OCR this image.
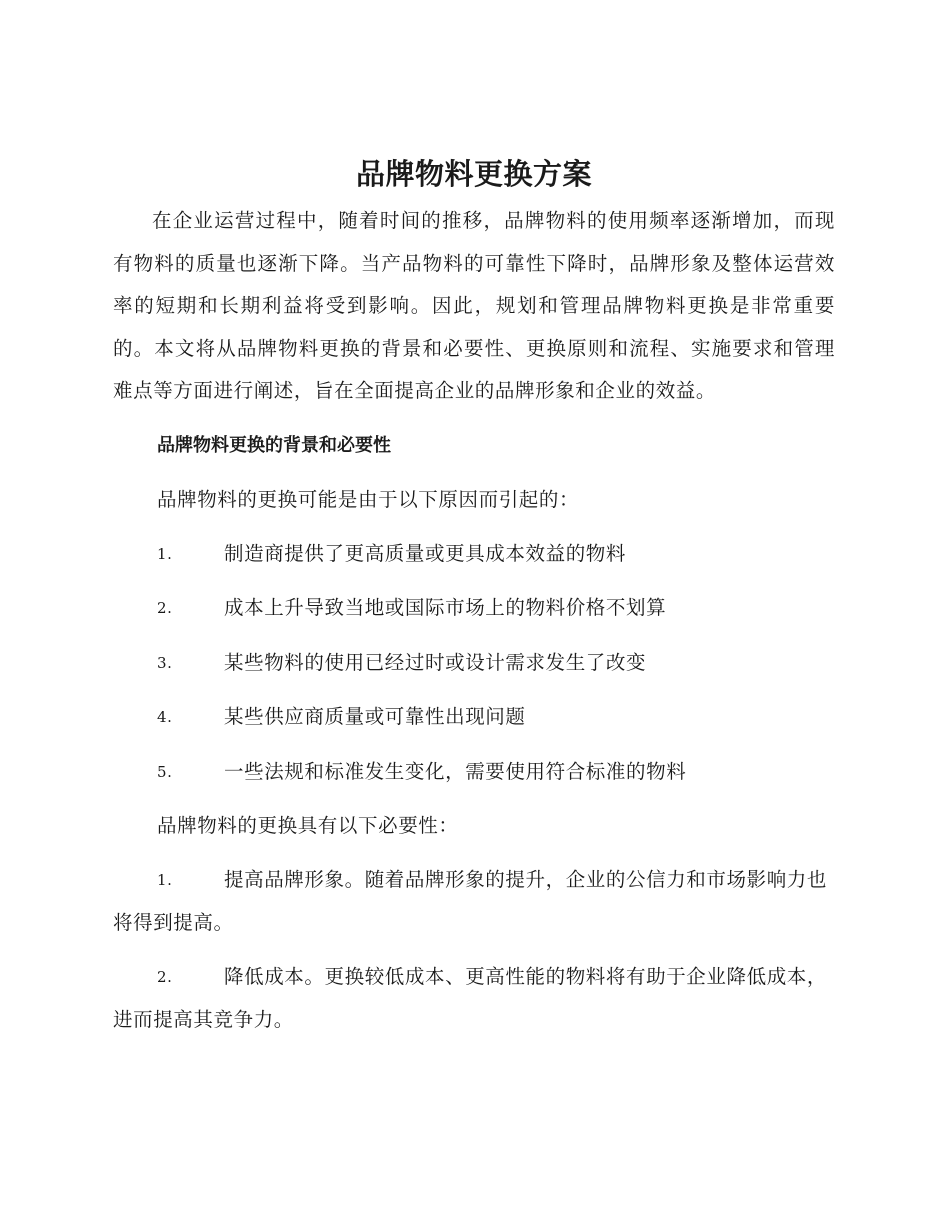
品牌物料更换方案

在企业运营过程中，随着时间的推移，品牌物料的使用频率逐渐增加，而现有物料的质量也逐渐下降。当产品物料的可靠性下降时，品牌形象及整体运营效率的短期和长期利益将受到影响。因此，规划和管理品牌物料更换是非常重要的。本文将从品牌物料更换的背景和必要性、更换原则和流程、实施要求和管理难点等方面进行阐述，旨在全面提高企业的品牌形象和企业的效益。

品牌物料更换的背景和必要性
品牌物料的更换可能是由于以下原因而引起的：
1.	制造商提供了更高质量或更具成本效益的物料
2.	成本上升导致当地或国际市场上的物料价格不划算
3.	某些物料的使用已经过时或设计需求发生了改变
4.	某些供应商质量或可靠性出现问题
5.	一些法规和标准发生变化，需要使用符合标准的物料
品牌物料的更换具有以下必要性：
1.	提高品牌形象。随着品牌形象的提升，企业的公信力和市场影响力也将得到提高。
2.	降低成本。更换较低成本、更高性能的物料将有助于企业降低成本，进而提高其竞争力。
